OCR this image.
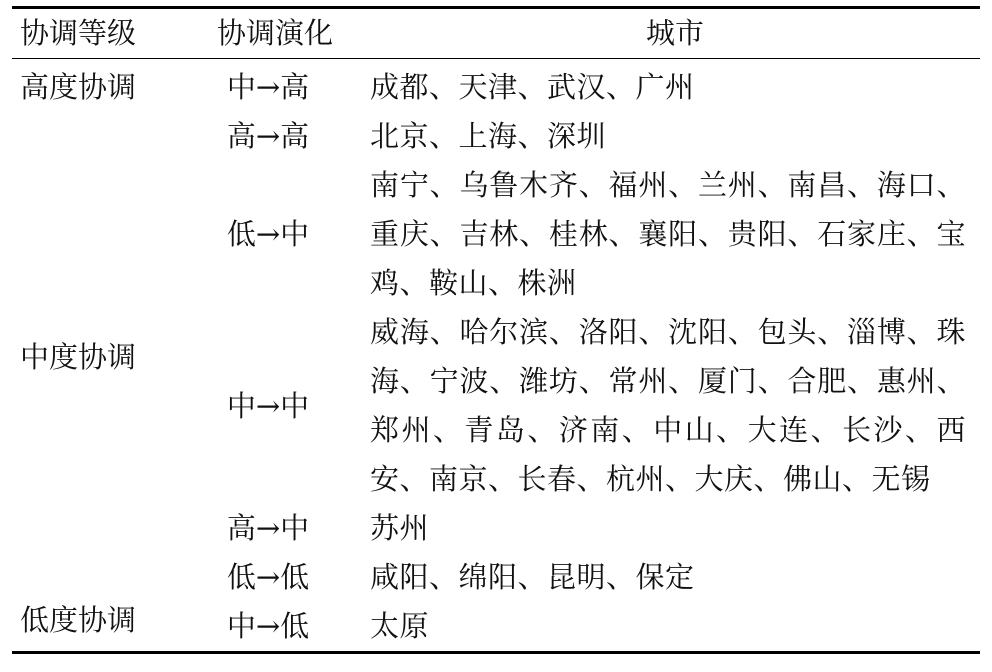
协调等级	协调演化	城市
高度协调	中→高	成都、天津、武汉、广州
	高→高	北京、上海、深圳
中度协调	低→中	南宁、乌鲁木齐、福州、兰州、南昌、海口、重庆、吉林、桂林、襄阳、贵阳、石家庄、宝鸡、鞍山、株洲
	中→中	威海、哈尔滨、洛阳、沈阳、包头、淄博、珠海、宁波、潍坊、常州、厦门、合肥、惠州、郑州、青岛、济南、中山、大连、长沙、西安、南京、长春、杭州、大庆、佛山、无锡
	高→中	苏州
低度协调	低→低	咸阳、绵阳、昆明、保定
	中→低	太原
